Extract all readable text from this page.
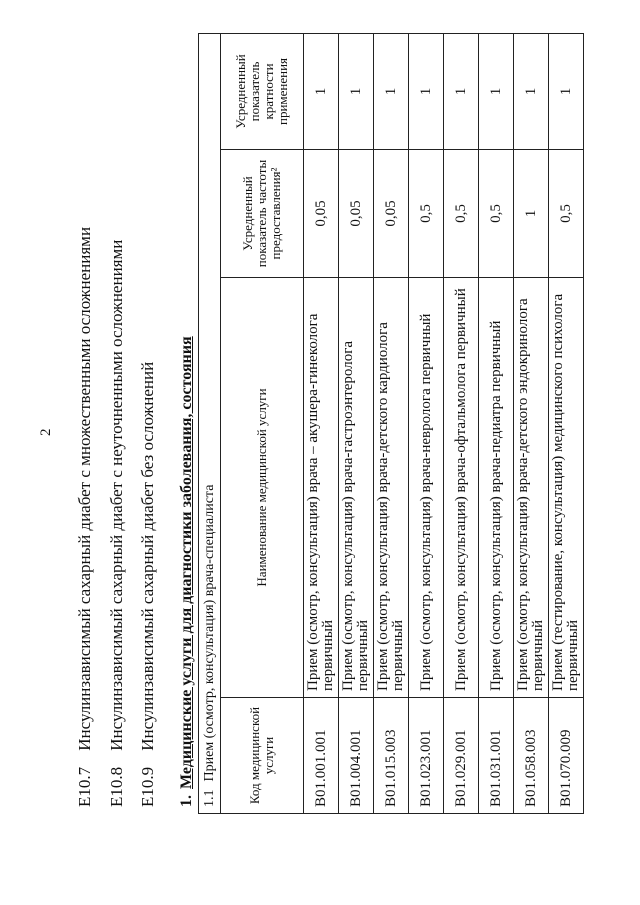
2
E10.7 Инсулинзависимый сахарный диабет с множественными осложнениями
E10.8 Инсулинзависимый сахарный диабет с неуточненными осложнениями
E10.9 Инсулинзависимый сахарный диабет без осложнений
1.Медицинские услуги для диагностики заболевания, состояния
1.1Прием (осмотр, консультация) врача-специалиста			
Код медицинской услуги	Наименование медицинской услуги	Усредненный показатель частоты предоставления²	Усредненный показатель кратности применения
B01.001.001	Прием (осмотр, консультация) врача – акушера-гинеколога первичный	0,05	1
B01.004.001	Прием (осмотр, консультация) врача-гастроэнтеролога первичный	0,05	1
B01.015.003	Прием (осмотр, консультация) врача-детского кардиолога первичный	0,05	1
B01.023.001	Прием (осмотр, консультация) врача-невролога первичный	0,5	1
B01.029.001	Прием (осмотр, консультация) врача-офтальмолога первичный	0,5	1
B01.031.001	Прием (осмотр, консультация) врача-педиатра первичный	0,5	1
B01.058.003	Прием (осмотр, консультация) врача-детского эндокринолога первичный	1	1
B01.070.009	Прием (тестирование, консультация) медицинского психолога первичный	0,5	1
